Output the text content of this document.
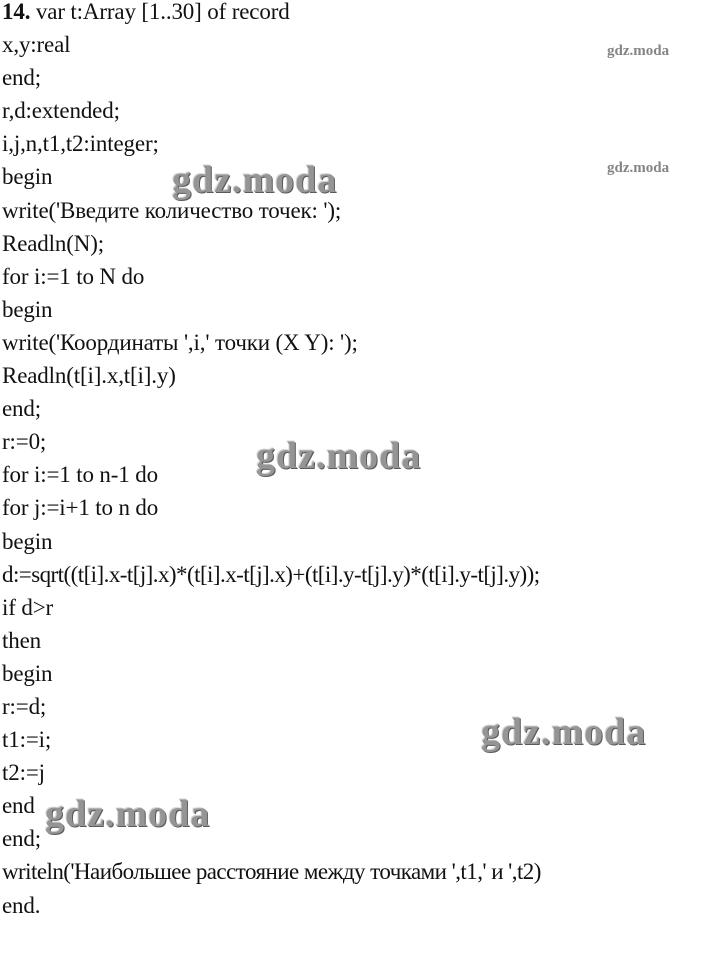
14. var t:Array [1..30] of record
x,y:real
end;
r,d:extended;
i,j,n,t1,t2:integer;
begin
write('Введите количество точек: ');
Readln(N);
for i:=1 to N do
begin
write('Координаты ',i,' точки (X Y): ');
Readln(t[i].x,t[i].y)
end;
r:=0;
for i:=1 to n-1 do
for j:=i+1 to n do
begin
d:=sqrt((t[i].x-t[j].x)*(t[i].x-t[j].x)+(t[i].y-t[j].y)*(t[i].y-t[j].y));
if d>r
then
begin
r:=d;
t1:=i;
t2:=j
end
end;
writeln('Наибольшее расстояние между точками ',t1,' и ',t2)
end.
gdz.moda
gdz.moda
gdz.moda
gdz.moda
gdz.moda
gdz.moda
